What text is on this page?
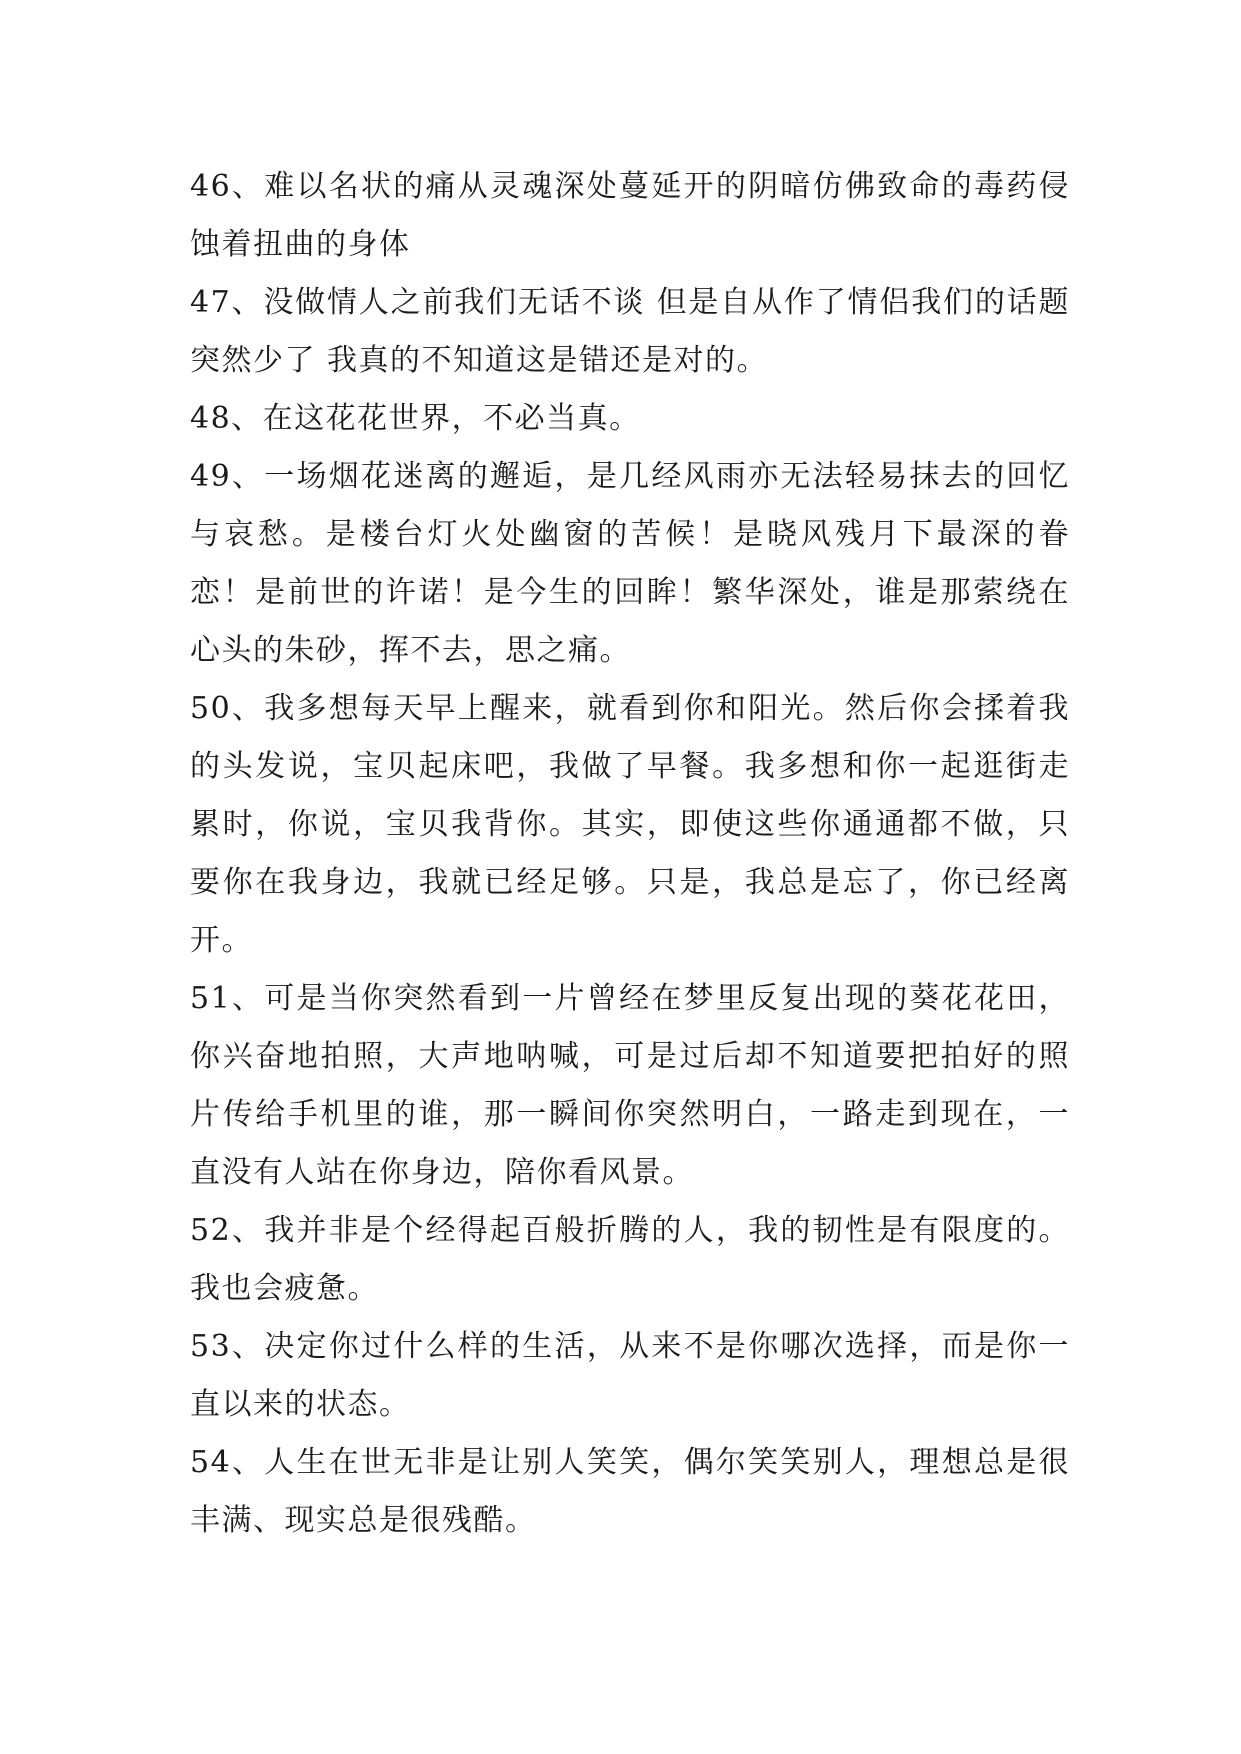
46、难以名状的痛从灵魂深处蔓延开的阴暗仿佛致命的毒药侵蚀着扭曲的身体

47、没做情人之前我们无话不谈 但是自从作了情侣我们的话题突然少了 我真的不知道这是错还是对的。

48、在这花花世界，不必当真。

49、一场烟花迷离的邂逅，是几经风雨亦无法轻易抹去的回忆与哀愁。是楼台灯火处幽窗的苦候！是晓风残月下最深的眷恋！是前世的许诺！是今生的回眸！繁华深处，谁是那萦绕在心头的朱砂，挥不去，思之痛。

50、我多想每天早上醒来，就看到你和阳光。然后你会揉着我的头发说，宝贝起床吧，我做了早餐。我多想和你一起逛街走累时，你说，宝贝我背你。其实，即使这些你通通都不做，只要你在我身边，我就已经足够。只是，我总是忘了，你已经离开。

51、可是当你突然看到一片曾经在梦里反复出现的葵花花田，你兴奋地拍照，大声地呐喊，可是过后却不知道要把拍好的照片传给手机里的谁，那一瞬间你突然明白，一路走到现在，一直没有人站在你身边，陪你看风景。

52、我并非是个经得起百般折腾的人，我的韧性是有限度的。我也会疲惫。

53、决定你过什么样的生活，从来不是你哪次选择，而是你一直以来的状态。

54、人生在世无非是让别人笑笑，偶尔笑笑别人，理想总是很丰满、现实总是很残酷。
